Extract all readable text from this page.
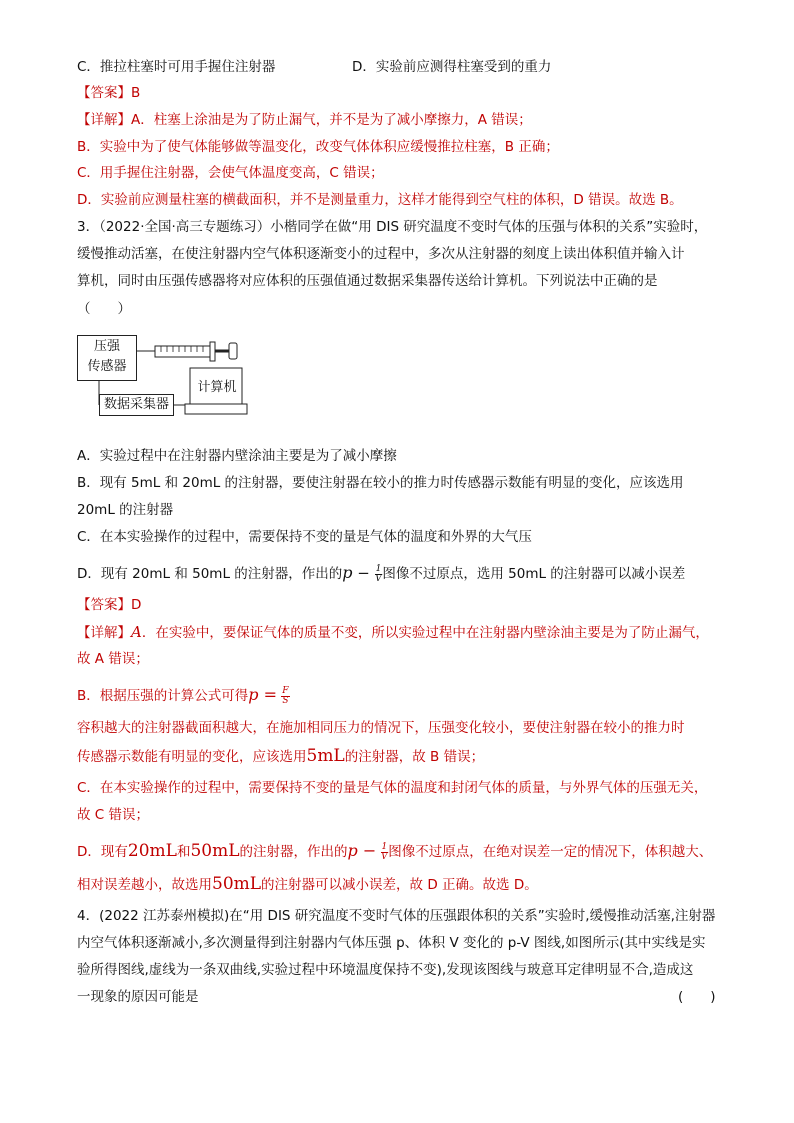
C．推拉柱塞时可用手握住注射器	D．实验前应测得柱塞受到的重力
【答案】B
【详解】A．柱塞上涂油是为了防止漏气，并不是为了减小摩擦力，A 错误；
B．实验中为了使气体能够做等温变化，改变气体体积应缓慢推拉柱塞，B 正确；
C．用手握住注射器，会使气体温度变高，C 错误；
D．实验前应测量柱塞的横截面积，并不是测量重力，这样才能得到空气柱的体积，D 错误。故选 B。
3．（2022·全国·高三专题练习）小楷同学在做“用 DIS 研究温度不变时气体的压强与体积的关系”实验时，
缓慢推动活塞，在使注射器内空气体积逐渐变小的过程中，多次从注射器的刻度上读出体积值并输入计
算机，同时由压强传感器将对应体积的压强值通过数据采集器传送给计算机。下列说法中正确的是
（　　）
压强
传感器
数据采集器
计算机
A．实验过程中在注射器内壁涂油主要是为了减小摩擦
B．现有 5mL 和 20mL 的注射器，要使注射器在较小的推力时传感器示数能有明显的变化，应该选用
20mL 的注射器
C．在本实验操作的过程中，需要保持不变的量是气体的温度和外界的大气压
D．现有 20mL 和 50mL 的注射器，作出的$p - \frac{1}{V}$ 图像不过原点，选用 50mL 的注射器可以减小误差
【答案】D
【详解】A．在实验中，要保证气体的质量不变，所以实验过程中在注射器内壁涂油主要是为了防止漏气，
故 A 错误；
B．根据压强的计算公式可得$p = \frac{F}{S}$
容积越大的注射器截面积越大，在施加相同压力的情况下，压强变化较小，要使注射器在较小的推力时
传感器示数能有明显的变化，应该选用5mL的注射器，故 B 错误；
C．在本实验操作的过程中，需要保持不变的量是气体的温度和封闭气体的质量，与外界气体的压强无关，
故 C 错误；
D．现有20mL和50mL的注射器，作出的$p - \frac{1}{V}$ 图像不过原点，在绝对误差一定的情况下，体积越大、
相对误差越小，故选用50mL的注射器可以减小误差，故 D 正确。故选 D。
4．(2022 江苏泰州模拟)在“用 DIS 研究温度不变时气体的压强跟体积的关系”实验时,缓慢推动活塞,注射器
内空气体积逐渐减小,多次测量得到注射器内气体压强 p、体积 V 变化的 p-V 图线,如图所示(其中实线是实
验所得图线,虚线为一条双曲线,实验过程中环境温度保持不变),发现该图线与玻意耳定律明显不合,造成这
一现象的原因可能是	(　　)
